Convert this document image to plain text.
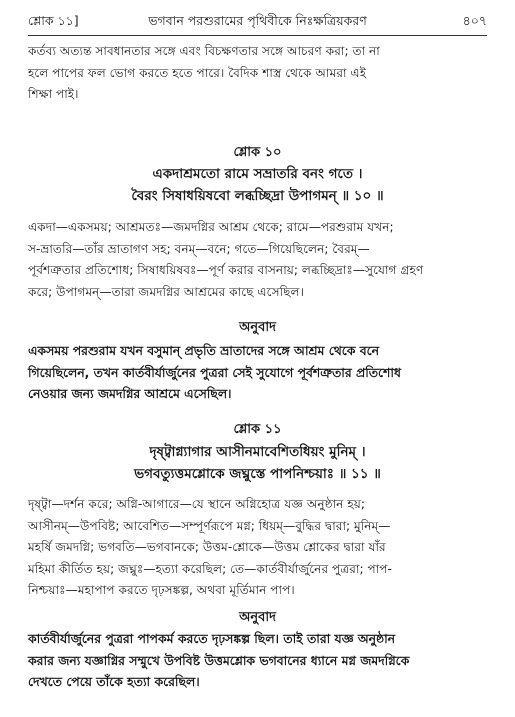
শ্লোক ১১]	ভগবান পরশুরামের পৃথিবীকে নিঃক্ষত্রিয়করণ	৪০৭

কর্তব্য অত্যন্ত সাবধানতার সঙ্গে এবং বিচক্ষণতার সঙ্গে আচরণ করা; তা না

হলে পাপের ফল ভোগ করতে হতে পারে। বৈদিক শাস্ত্র থেকে আমরা এই

শিক্ষা পাই।

শ্লোক ১০

একদাশ্রমতো রামে সভ্রাতরি বনং গতে ।

বৈরং সিষাধয়িষবো লব্ধচ্ছিদ্রা উপাগমন্ ॥ ১০ ॥

একদা—একসময়; আশ্রমতঃ—জমদগ্নির আশ্রম থেকে; রামে—পরশুরাম যখন;

স-ভ্রাতরি—তাঁর ভ্রাতাগণ সহ; বনম্—বনে; গতে—গিয়েছিলেন; বৈরম্—

পূর্বশত্রুতার প্রতিশোধ; সিষাধয়িষবঃ—পূর্ণ করার বাসনায়; লব্ধচ্ছিদ্রাঃ—সুযোগ গ্রহণ

করে; উপাগমন্—তারা জমদগ্নির আশ্রমের কাছে এসেছিল।

অনুবাদ

একসময় পরশুরাম যখন বসুমান্ প্রভৃতি ভ্রাতাদের সঙ্গে আশ্রম থেকে বনে

গিয়েছিলেন, তখন কার্তবীর্যার্জুনের পুত্ররা সেই সুযোগে পূর্বশত্রুতার প্রতিশোধ

নেওয়ার জন্য জমদগ্নির আশ্রমে এসেছিল।

শ্লোক ১১

দৃষ্ট্বাগ্ন্যাগার আসীনমাবেশিতধিয়ং মুনিম্ ।

ভগবত্যুত্তমশ্লোকে জঘ্নুস্তে পাপনিশ্চয়াঃ ॥ ১১ ॥

দৃষ্ট্বা—দর্শন করে; অগ্নি-আগারে—যে স্থানে অগ্নিহোত্র যজ্ঞ অনুষ্ঠান হয়;

আসীনম্—উপবিষ্ট; আবেশিত—সম্পূর্ণরূপে মগ্ন; ধিয়ম্—বুদ্ধির দ্বারা; মুনিম্—

মহর্ষি জমদগ্নি; ভগবতি—ভগবানকে; উত্তম-শ্লোকে—উত্তম শ্লোকের দ্বারা যাঁর

মহিমা কীর্তিত হয়; জঘ্নুঃ—হত্যা করেছিল; তে—কার্তবীর্যার্জুনের পুত্ররা; পাপ-

নিশ্চয়াঃ—মহাপাপ করতে দৃঢ়সঙ্কল্প, অথবা মূর্তিমান পাপ।

অনুবাদ

কার্তবীর্যার্জুনের পুত্ররা পাপকর্ম করতে দৃঢ়সঙ্কল্প ছিল। তাই তারা যজ্ঞ অনুষ্ঠান

করার জন্য যজ্ঞাগ্নির সম্মুখে উপবিষ্ট উত্তমশ্লোক ভগবানের ধ্যানে মগ্ন জমদগ্নিকে

দেখতে পেয়ে তাঁকে হত্যা করেছিল।
